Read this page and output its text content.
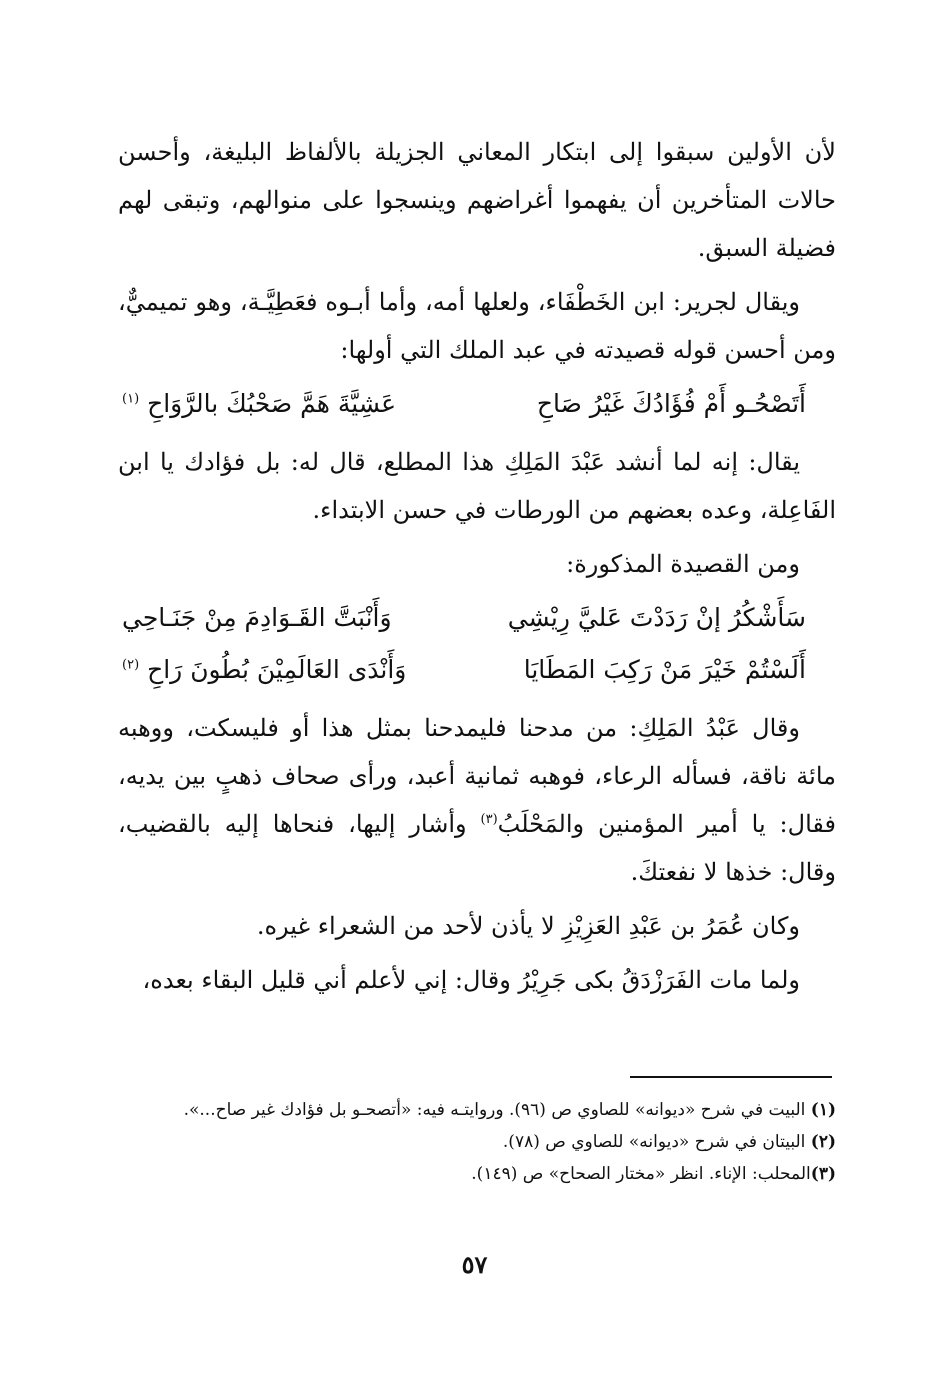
لأن الأولين سبقوا إلى ابتكار المعاني الجزيلة بالألفاظ البليغة، وأحسن حالات المتأخرين أن يفهموا أغراضهم وينسجوا على منوالهم، وتبقى لهم فضيلة السبق.

ويقال لجرير: ابن الخَطْفَاء، ولعلها أمه، وأما أبـوه فعَطِيَّـة، وهو تميميٌّ، ومن أحسن قوله قصيدته في عبد الملك التي أولها:

أَتَصْحُـو أَمْ فُؤَادُكَ غَيْرُ صَاحِ
عَشِيَّةَ هَمَّ صَحْبُكَ بالرَّوَاحِ $^{(١)}$

يقال: إنه لما أنشد عَبْدَ المَلِكِ هذا المطلع، قال له: بل فؤادك يا ابن الفَاعِلة، وعده بعضهم من الورطات في حسن الابتداء.

ومن القصيدة المذكورة:

سَأَشْكُرُ إنْ رَدَدْتَ عَليَّ رِيْشِي
وَأَنْبَتَّ القَـوَادِمَ مِنْ جَنَـاحِي
أَلَسْتُمْ خَيْرَ مَنْ رَكِبَ المَطَايَا
وَأَنْدَى العَالَمِيْنَ بُطُونَ رَاحِ $^{(٢)}$

وقال عَبْدُ المَلِكِ: من مدحنا فليمدحنا بمثل هذا أو فليسكت، ووهبه مائة ناقة، فسأله الرعاء، فوهبه ثمانية أعبد، ورأى صحاف ذهبٍ بين يديه، فقال: يا أمير المؤمنين والمَحْلَبُ$^{(٣)}$ وأشار إليها، فنحاها إليه بالقضيب، وقال: خذها لا نفعتكَ.

وكان عُمَرُ بن عَبْدِ العَزِيْزِ لا يأذن لأحد من الشعراء غيره.

ولما مات الفَرَزْدَقُ بكى جَرِيْرُ وقال: إني لأعلم أني قليل البقاء بعده،

(١) البيت في شرح «ديوانه» للصاوي ص (٩٦). وروايتـه فيه: «أتصحـو بل فؤادك غير صاح...».

(٢) البيتان في شرح «ديوانه» للصاوي ص (٧٨).

(٣)المحلب: الإناء. انظر «مختار الصحاح» ص (١٤٩).

٥٧
